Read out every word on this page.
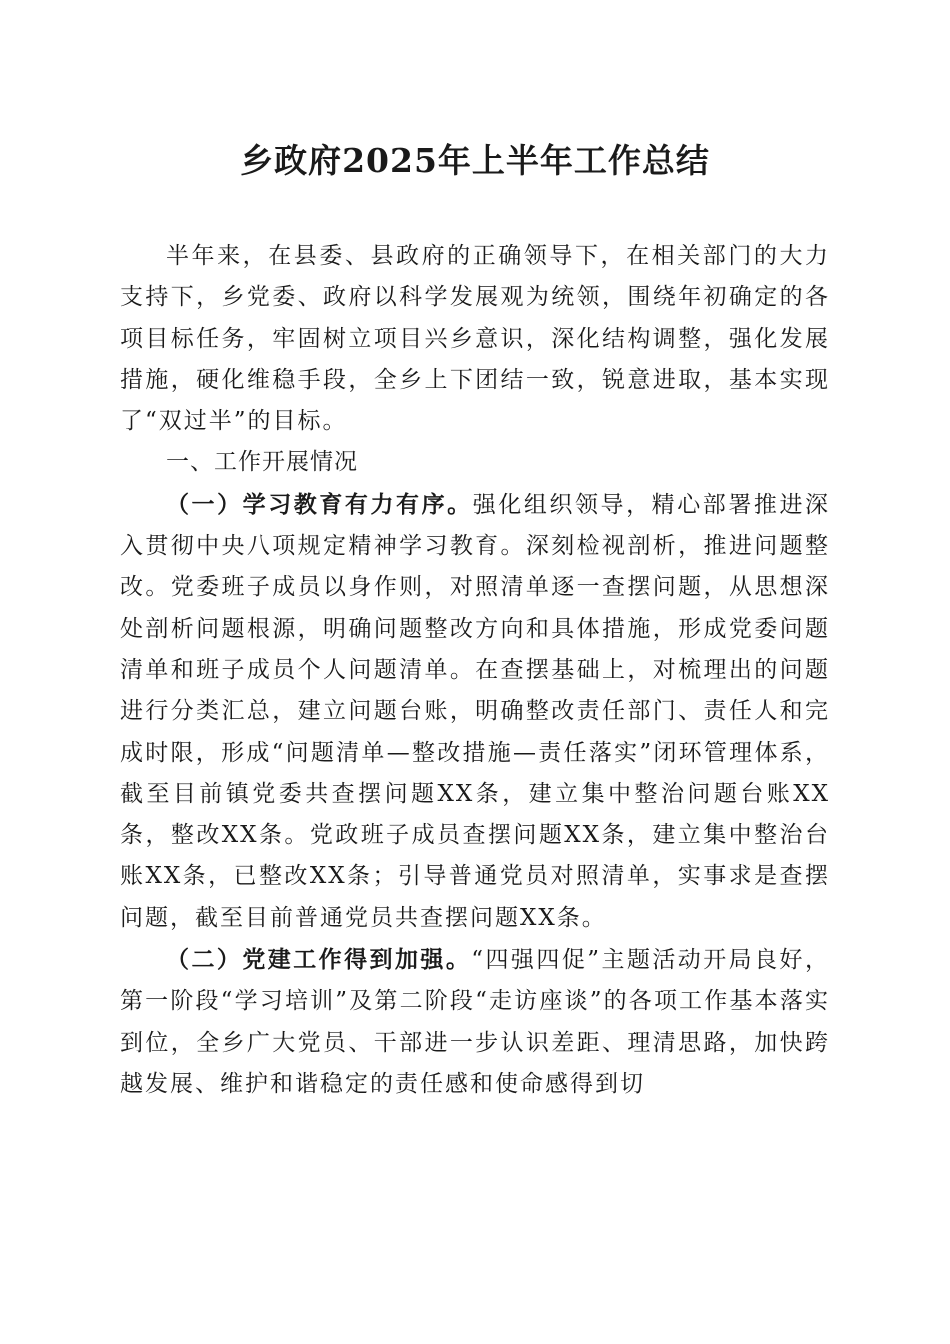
乡政府2025年上半年工作总结

半年来，在县委、县政府的正确领导下，在相关部门的大力支持下，乡党委、政府以科学发展观为统领，围绕年初确定的各项目标任务，牢固树立项目兴乡意识，深化结构调整，强化发展措施，硬化维稳手段，全乡上下团结一致，锐意进取，基本实现了“双过半”的目标。

一、工作开展情况

（一）学习教育有力有序。强化组织领导，精心部署推进深入贯彻中央八项规定精神学习教育。深刻检视剖析，推进问题整改。党委班子成员以身作则，对照清单逐一查摆问题，从思想深处剖析问题根源，明确问题整改方向和具体措施，形成党委问题清单和班子成员个人问题清单。在查摆基础上，对梳理出的问题进行分类汇总，建立问题台账，明确整改责任部门、责任人和完成时限，形成“问题清单—整改措施—责任落实”闭环管理体系，截至目前镇党委共查摆问题XX条，建立集中整治问题台账XX条，整改XX条。党政班子成员查摆问题XX条，建立集中整治台账XX条，已整改XX条；引导普通党员对照清单，实事求是查摆问题，截至目前普通党员共查摆问题XX条。

（二）党建工作得到加强。“四强四促”主题活动开局良好，第一阶段“学习培训”及第二阶段“走访座谈”的各项工作基本落实到位，全乡广大党员、干部进一步认识差距、理清思路，加快跨越发展、维护和谐稳定的责任感和使命感得到切
